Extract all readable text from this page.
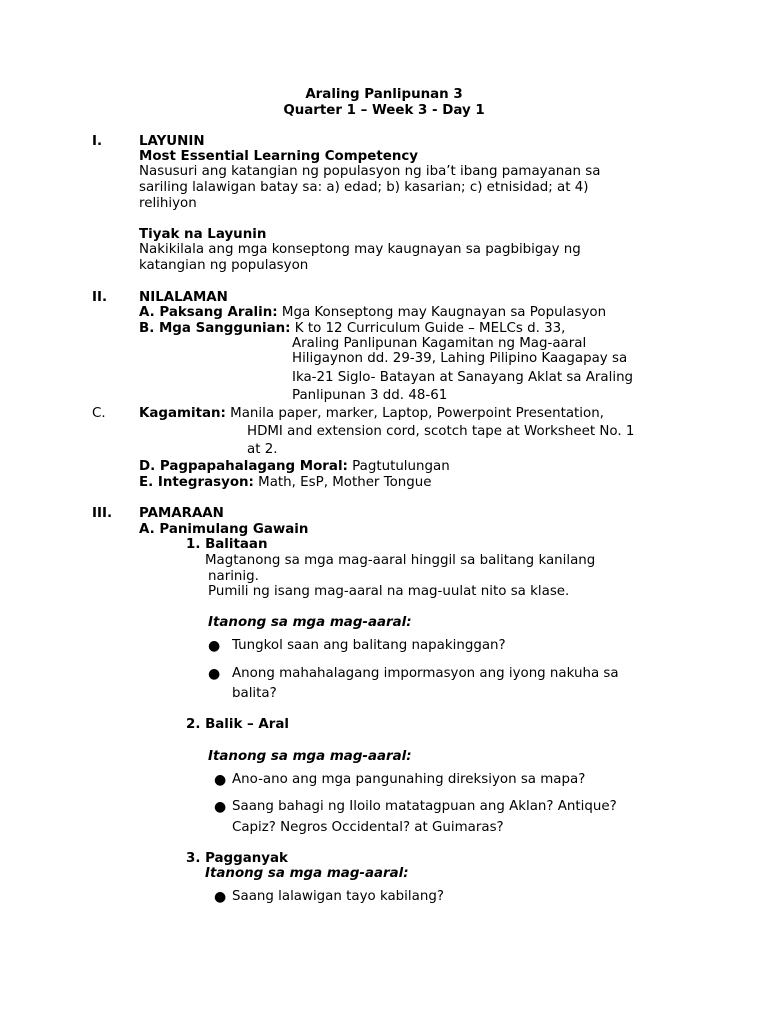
Araling Panlipunan 3
Quarter 1 – Week 3 - Day 1
I.	LAYUNIN
Most Essential Learning Competency
Nasusuri ang katangian ng populasyon ng iba’t ibang pamayanan sa
sariling lalawigan batay sa: a) edad; b) kasarian; c) etnisidad; at 4)
relihiyon
Tiyak na Layunin
Nakikilala ang mga konseptong may kaugnayan sa pagbibigay ng
katangian ng populasyon
II. NILALAMAN
A. Paksang Aralin: Mga Konseptong may Kaugnayan sa Populasyon
B. Mga Sanggunian: K to 12 Curriculum Guide – MELCs d. 33,
Araling Panlipunan Kagamitan ng Mag-aaral
Hiligaynon dd. 29-39, Lahing Pilipino Kaagapay sa
Ika-21 Siglo- Batayan at Sanayang Aklat sa Araling
Panlipunan 3 dd. 48-61
C. Kagamitan: Manila paper, marker, Laptop, Powerpoint Presentation,
HDMI and extension cord, scotch tape at Worksheet No. 1
at 2.
D. Pagpapahalagang Moral: Pagtutulungan
E. Integrasyon: Math, EsP, Mother Tongue
III. PAMARAAN
A. Panimulang Gawain
1. Balitaan
Magtanong sa mga mag-aaral hinggil sa balitang kanilang
narinig.
Pumili ng isang mag-aaral na mag-uulat nito sa klase.
Itanong sa mga mag-aaral:
● Tungkol saan ang balitang napakinggan?
● Anong mahahalagang impormasyon ang iyong nakuha sa
balita?
2. Balik – Aral
Itanong sa mga mag-aaral:
● Ano-ano ang mga pangunahing direksiyon sa mapa?
● Saang bahagi ng Iloilo matatagpuan ang Aklan? Antique?
Capiz? Negros Occidental? at Guimaras?
3. Pagganyak
Itanong sa mga mag-aaral:
● Saang lalawigan tayo kabilang?
